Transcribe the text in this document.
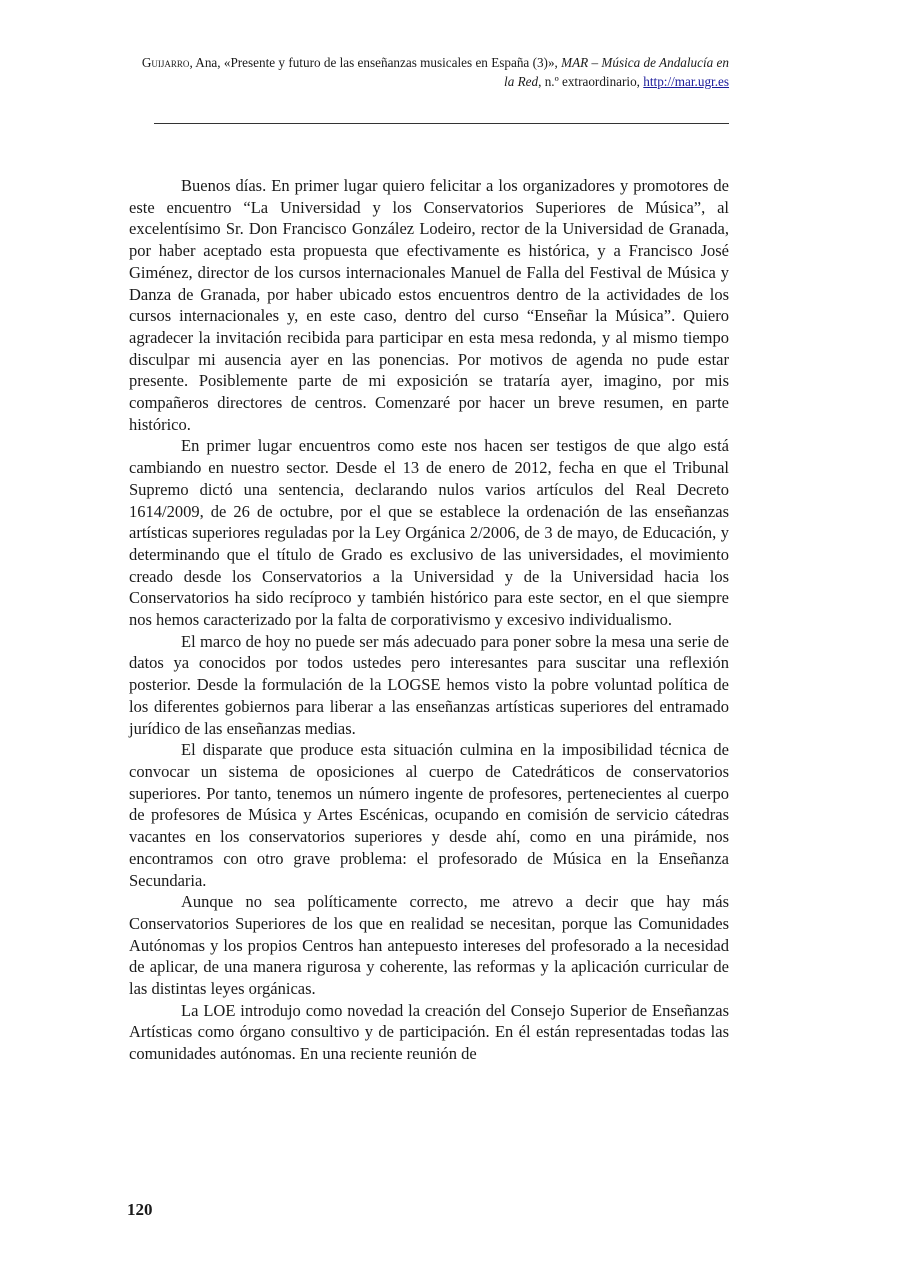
Guijarro, Ana, «Presente y futuro de las enseñanzas musicales en España (3)», MAR – Música de Andalucía en la Red, n.º extraordinario, http://mar.ugr.es

Buenos días. En primer lugar quiero felicitar a los organizadores y promotores de este encuentro “La Universidad y los Conservatorios Superiores de Música”, al excelentísimo Sr. Don Francisco González Lodeiro, rector de la Universidad de Granada, por haber aceptado esta propuesta que efectivamente es histórica, y a Francisco José Giménez, director de los cursos internacionales Manuel de Falla del Festival de Música y Danza de Granada, por haber ubicado estos encuentros dentro de la actividades de los cursos internacionales y, en este caso, dentro del curso “Enseñar la Música”. Quiero agradecer la invitación recibida para participar en esta mesa redonda, y al mismo tiempo disculpar mi ausencia ayer en las ponencias. Por motivos de agenda no pude estar presente. Posiblemente parte de mi exposición se trataría ayer, imagino, por mis compañeros directores de centros. Comenzaré por hacer un breve resumen, en parte histórico.

En primer lugar encuentros como este nos hacen ser testigos de que algo está cambiando en nuestro sector. Desde el 13 de enero de 2012, fecha en que el Tribunal Supremo dictó una sentencia, declarando nulos varios artículos del Real Decreto 1614/2009, de 26 de octubre, por el que se establece la ordenación de las enseñanzas artísticas superiores reguladas por la Ley Orgánica 2/2006, de 3 de mayo, de Educación, y determinando que el título de Grado es exclusivo de las universidades, el movimiento creado desde los Conservatorios a la Universidad y de la Universidad hacia los Conservatorios ha sido recíproco y también histórico para este sector, en el que siempre nos hemos caracterizado por la falta de corporativismo y excesivo individualismo.

El marco de hoy no puede ser más adecuado para poner sobre la mesa una serie de datos ya conocidos por todos ustedes pero interesantes para suscitar una reflexión posterior. Desde la formulación de la LOGSE hemos visto la pobre voluntad política de los diferentes gobiernos para liberar a las enseñanzas artísticas superiores del entramado jurídico de las enseñanzas medias.

El disparate que produce esta situación culmina en la imposibilidad técnica de convocar un sistema de oposiciones al cuerpo de Catedráticos de conservatorios superiores. Por tanto, tenemos un número ingente de profesores, pertenecientes al cuerpo de profesores de Música y Artes Escénicas, ocupando en comisión de servicio cátedras vacantes en los conservatorios superiores y desde ahí, como en una pirámide, nos encontramos con otro grave problema: el profesorado de Música en la Enseñanza Secundaria.

Aunque no sea políticamente correcto, me atrevo a decir que hay más Conservatorios Superiores de los que en realidad se necesitan, porque las Comunidades Autónomas y los propios Centros han antepuesto intereses del profesorado a la necesidad de aplicar, de una manera rigurosa y coherente, las reformas y la aplicación curricular de las distintas leyes orgánicas.

La LOE introdujo como novedad la creación del Consejo Superior de Enseñanzas Artísticas como órgano consultivo y de participación. En él están representadas todas las comunidades autónomas. En una reciente reunión de

120
